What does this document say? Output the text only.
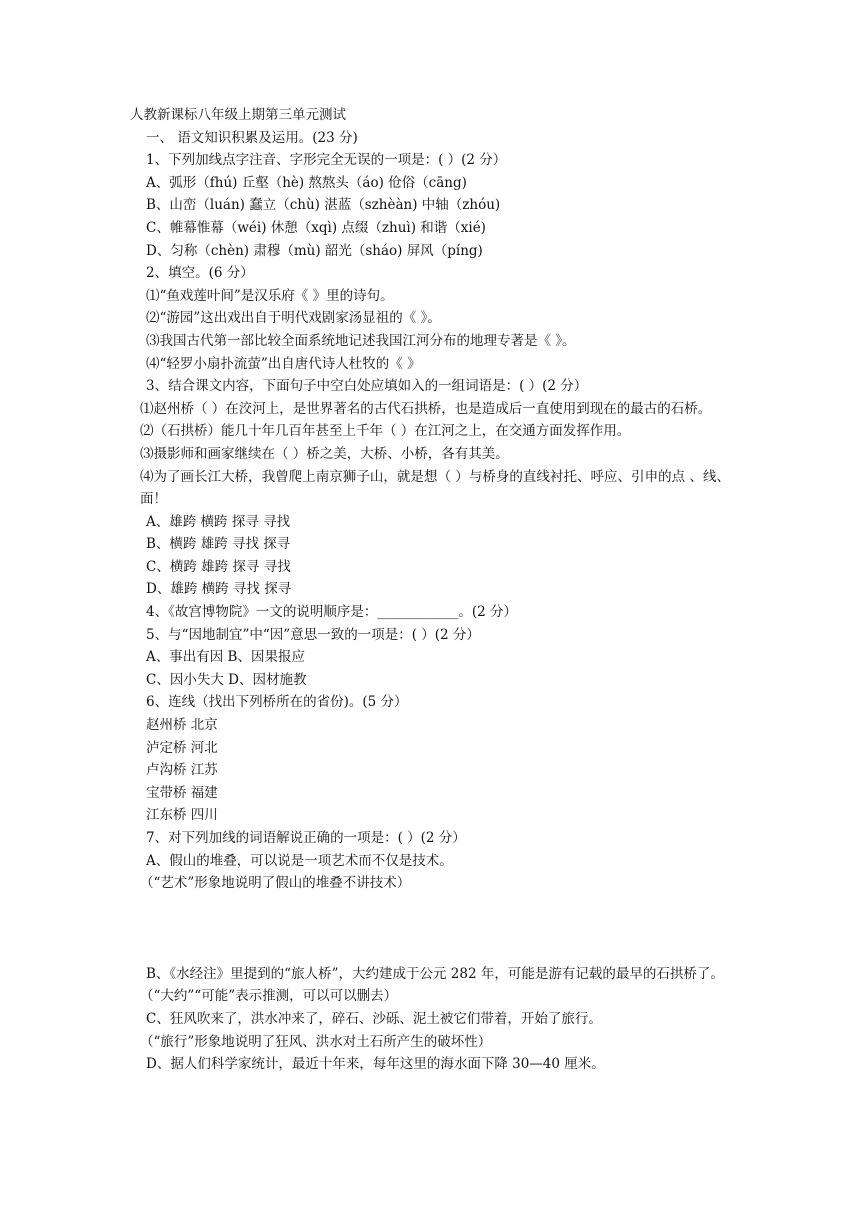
人教新课标八年级上期第三单元测试
一、 语文知识积累及运用。(23 分)
1、下列加线点字注音、字形完全无误的一项是：( ）(2 分）
A、弧形（fhú) 丘壑（hè) 熬熬头（áo) 伧俗（cāng)
B、山峦（luán) 蠢立（chù) 湛蓝（szhèàn) 中轴（zhóu)
C、帷幕惟幕（wéi) 休憩（xqì) 点缀（zhuì) 和谐（xié)
D、匀称（chèn) 肃穆（mù) 韶光（sháo) 屏风（píng)
2、填空。(6 分）
⑴“鱼戏莲叶间”是汉乐府《 》里的诗句。
⑵“游园”这出戏出自于明代戏剧家汤显祖的《 》。
⑶我国古代第一部比较全面系统地记述我国江河分布的地理专著是《 》。
⑷“轻罗小扇扑流萤”出自唐代诗人杜牧的《 》
3、结合课文内容，下面句子中空白处应填如入的一组词语是：( ）(2 分）
⑴赵州桥（ ）在洨河上，是世界著名的古代石拱桥，也是造成后一直使用到现在的最古的石桥。
⑵（石拱桥）能几十年几百年甚至上千年（ ）在江河之上，在交通方面发挥作用。
⑶摄影师和画家继续在（ ）桥之美，大桥、小桥，各有其美。
⑷为了画长江大桥，我曾爬上南京狮子山，就是想（ ）与桥身的直线衬托、呼应、引申的点 、线、面！
A、雄跨 横跨 探寻 寻找
B、横跨 雄跨 寻找 探寻
C、横跨 雄跨 探寻 寻找
D、雄跨 横跨 寻找 探寻
4、《故宫博物院》一文的说明顺序是：____________。(2 分）
5、与“因地制宜”中“因”意思一致的一项是：( ）(2 分）
A、事出有因 B、因果报应
C、因小失大 D、因材施教
6、连线（找出下列桥所在的省份)。(5 分）
赵州桥 北京
泸定桥 河北
卢沟桥 江苏
宝带桥 福建
江东桥 四川
7、对下列加线的词语解说正确的一项是：( ）(2 分）
A、假山的堆叠，可以说是一项艺术而不仅是技术。
（“艺术”形象地说明了假山的堆叠不讲技术）
B、《水经注》里提到的“旅人桥”，大约建成于公元 282 年，可能是游有记载的最早的石拱桥了。
（“大约”“可能”表示推测，可以可以删去）
C、狂风吹来了，洪水冲来了，碎石、沙砾、泥土被它们带着，开始了旅行。
（“旅行”形象地说明了狂风、洪水对土石所产生的破坏性）
D、据人们科学家统计，最近十年来，每年这里的海水面下降 30—40 厘米。
